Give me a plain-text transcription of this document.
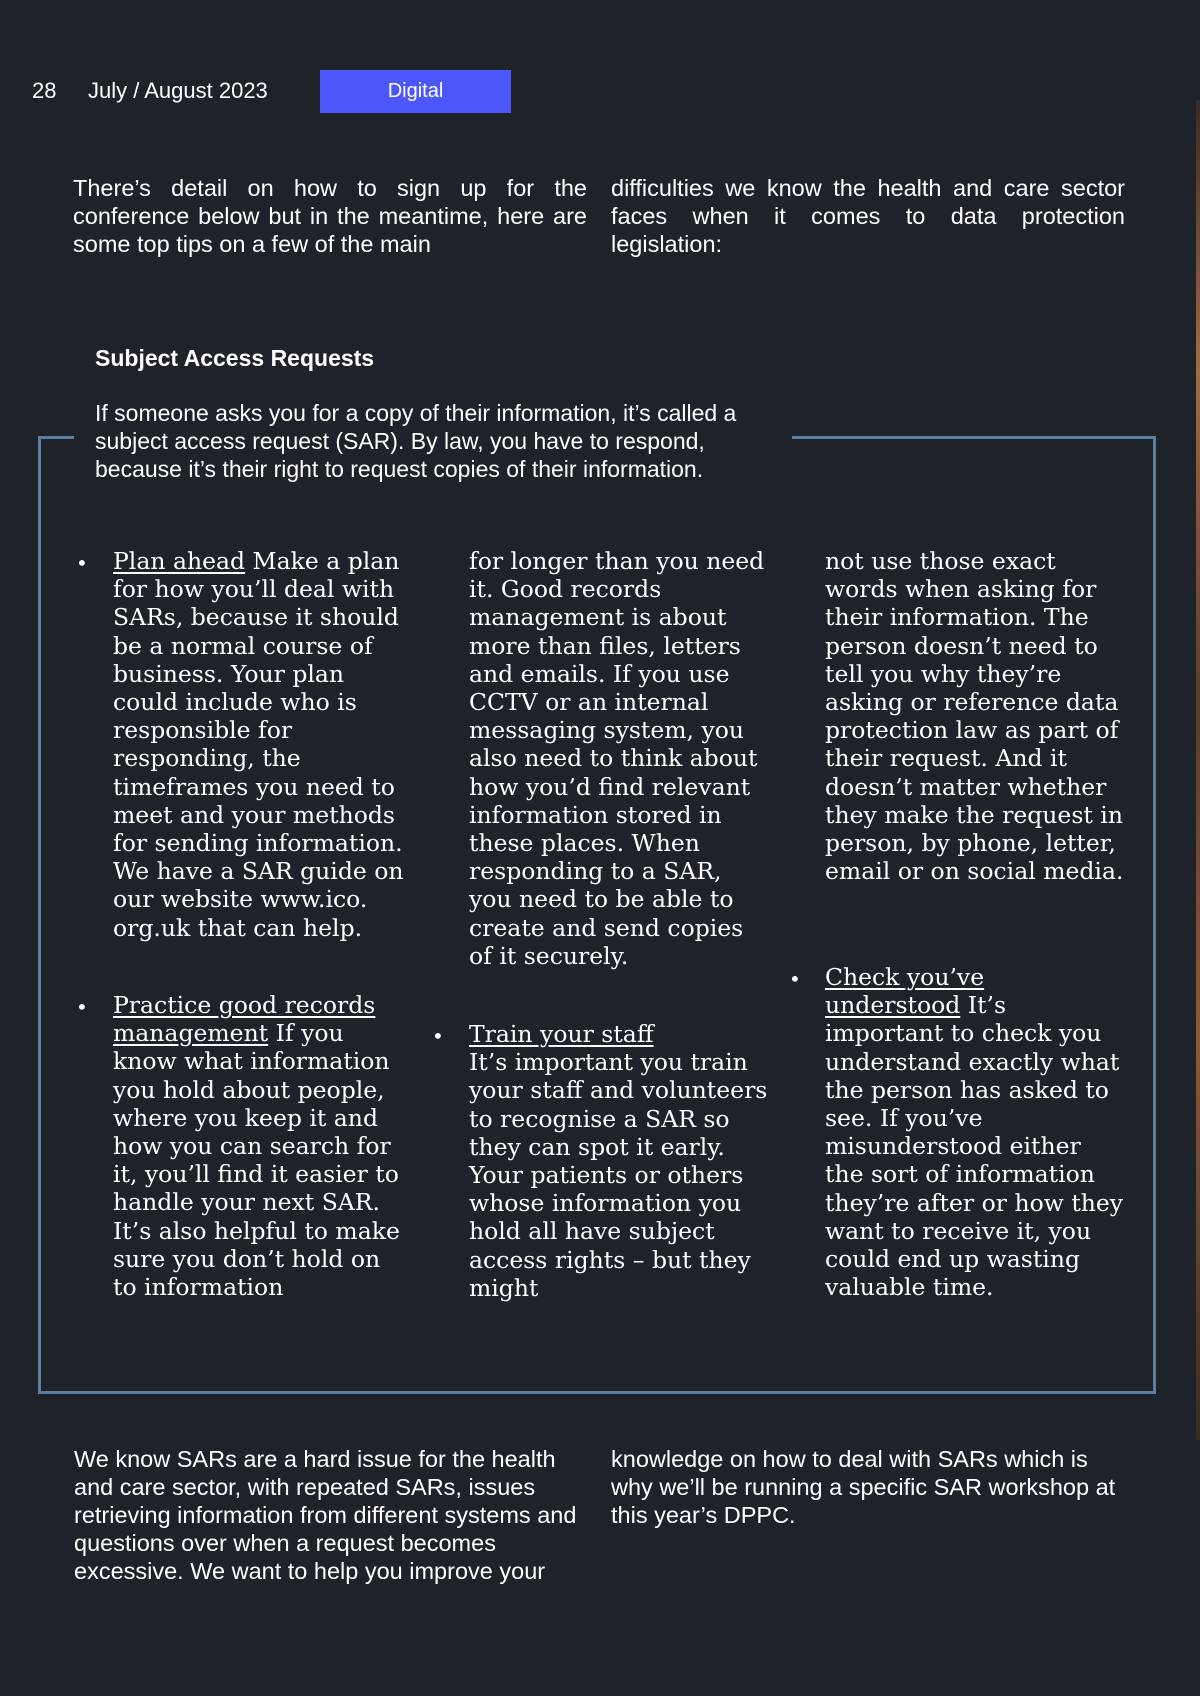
28 July / August 2023	Digital
There’s detail on how to sign up for the conference below but in the meantime, here are some top tips on a few of the main
difficulties we know the health and care sector faces when it comes to data protection legislation:
Subject Access Requests
If someone asks you for a copy of their information, it’s called a subject access request (SAR). By law, you have to respond, because it’s their right to request copies of their information.
• Plan ahead Make a plan for how you’ll deal with SARs, because it should be a normal course of business. Your plan could include who is responsible for responding, the timeframes you need to meet and your methods for sending information. We have a SAR guide on our website www.ico. org.uk that can help.

• Practice good records management If you know what information you hold about people, where you keep it and how you can search for it, you’ll find it easier to handle your next SAR. It’s also helpful to make sure you don’t hold on to information

for longer than you need it. Good records management is about more than files, letters and emails. If you use CCTV or an internal messaging system, you also need to think about how you’d find relevant information stored in these places. When responding to a SAR, you need to be able to create and send copies of it securely.

• Train your staff

It’s important you train your staff and volunteers to recognise a SAR so they can spot it early. Your patients or others whose information you hold all have subject access rights – but they might

not use those exact words when asking for their information. The person doesn’t need to tell you why they’re asking or reference data protection law as part of their request. And it doesn’t matter whether they make the request in person, by phone, letter, email or on social media.

• Check you’ve understood It’s important to check you understand exactly what the person has asked to see. If you’ve misunderstood either the sort of information they’re after or how they want to receive it, you could end up wasting valuable time.

We know SARs are a hard issue for the health and care sector, with repeated SARs, issues retrieving information from different systems and questions over when a request becomes excessive. We want to help you improve your
knowledge on how to deal with SARs which is why we’ll be running a specific SAR workshop at this year’s DPPC.
